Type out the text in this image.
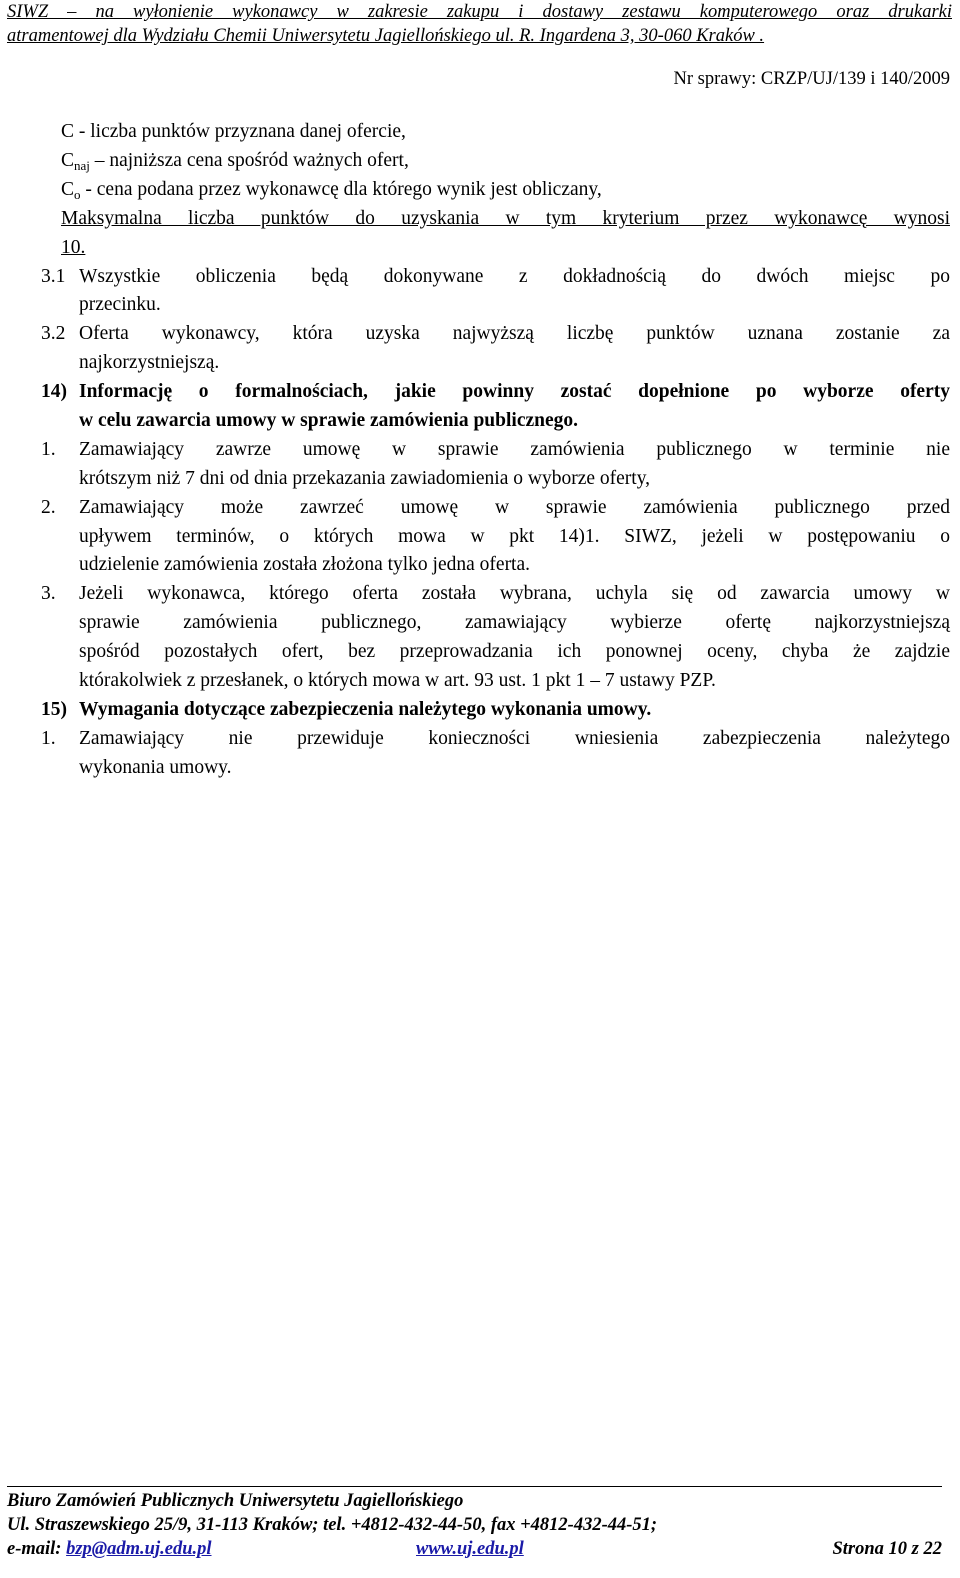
SIWZ – na wyłonienie wykonawcy w zakresie zakupu i dostawy zestawu komputerowego oraz drukarki
atramentowej dla Wydziału Chemii Uniwersytetu Jagiellońskiego ul. R. Ingardena 3, 30-060 Kraków .
Nr sprawy: CRZP/UJ/139 i 140/2009
C - liczba punktów przyznana danej ofercie,
$C_{naj}$ – najniższa cena spośród ważnych ofert,
$C_o$ - cena podana przez wykonawcę dla którego wynik jest obliczany,
Maksymalna liczba punktów do uzyskania w tym kryterium przez wykonawcę wynosi
10.
3.1 Wszystkie obliczenia będą dokonywane z dokładnością do dwóch miejsc po
przecinku.
3.2 Oferta wykonawcy, która uzyska najwyższą liczbę punktów uznana zostanie za
najkorzystniejszą.
14) Informację o formalnościach, jakie powinny zostać dopełnione po wyborze oferty
w celu zawarcia umowy w sprawie zamówienia publicznego.
1. Zamawiający zawrze umowę w sprawie zamówienia publicznego w terminie nie
krótszym niż 7 dni od dnia przekazania zawiadomienia o wyborze oferty,
2. Zamawiający może zawrzeć umowę w sprawie zamówienia publicznego przed
upływem terminów, o których mowa w pkt 14)1. SIWZ, jeżeli w postępowaniu o
udzielenie zamówienia została złożona tylko jedna oferta.
3. Jeżeli wykonawca, którego oferta została wybrana, uchyla się od zawarcia umowy w
sprawie zamówienia publicznego, zamawiający wybierze ofertę najkorzystniejszą
spośród pozostałych ofert, bez przeprowadzania ich ponownej oceny, chyba że zajdzie
którakolwiek z przesłanek, o których mowa w art. 93 ust. 1 pkt 1 – 7 ustawy PZP.
15) Wymagania dotyczące zabezpieczenia należytego wykonania umowy.
1. Zamawiający nie przewiduje konieczności wniesienia zabezpieczenia należytego
wykonania umowy.
Biuro Zamówień Publicznych Uniwersytetu Jagiellońskiego
Ul. Straszewskiego 25/9, 31-113 Kraków; tel. +4812-432-44-50, fax +4812-432-44-51;
e-mail: bzp@adm.uj.edu.pl	www.uj.edu.pl	Strona 10 z 22
